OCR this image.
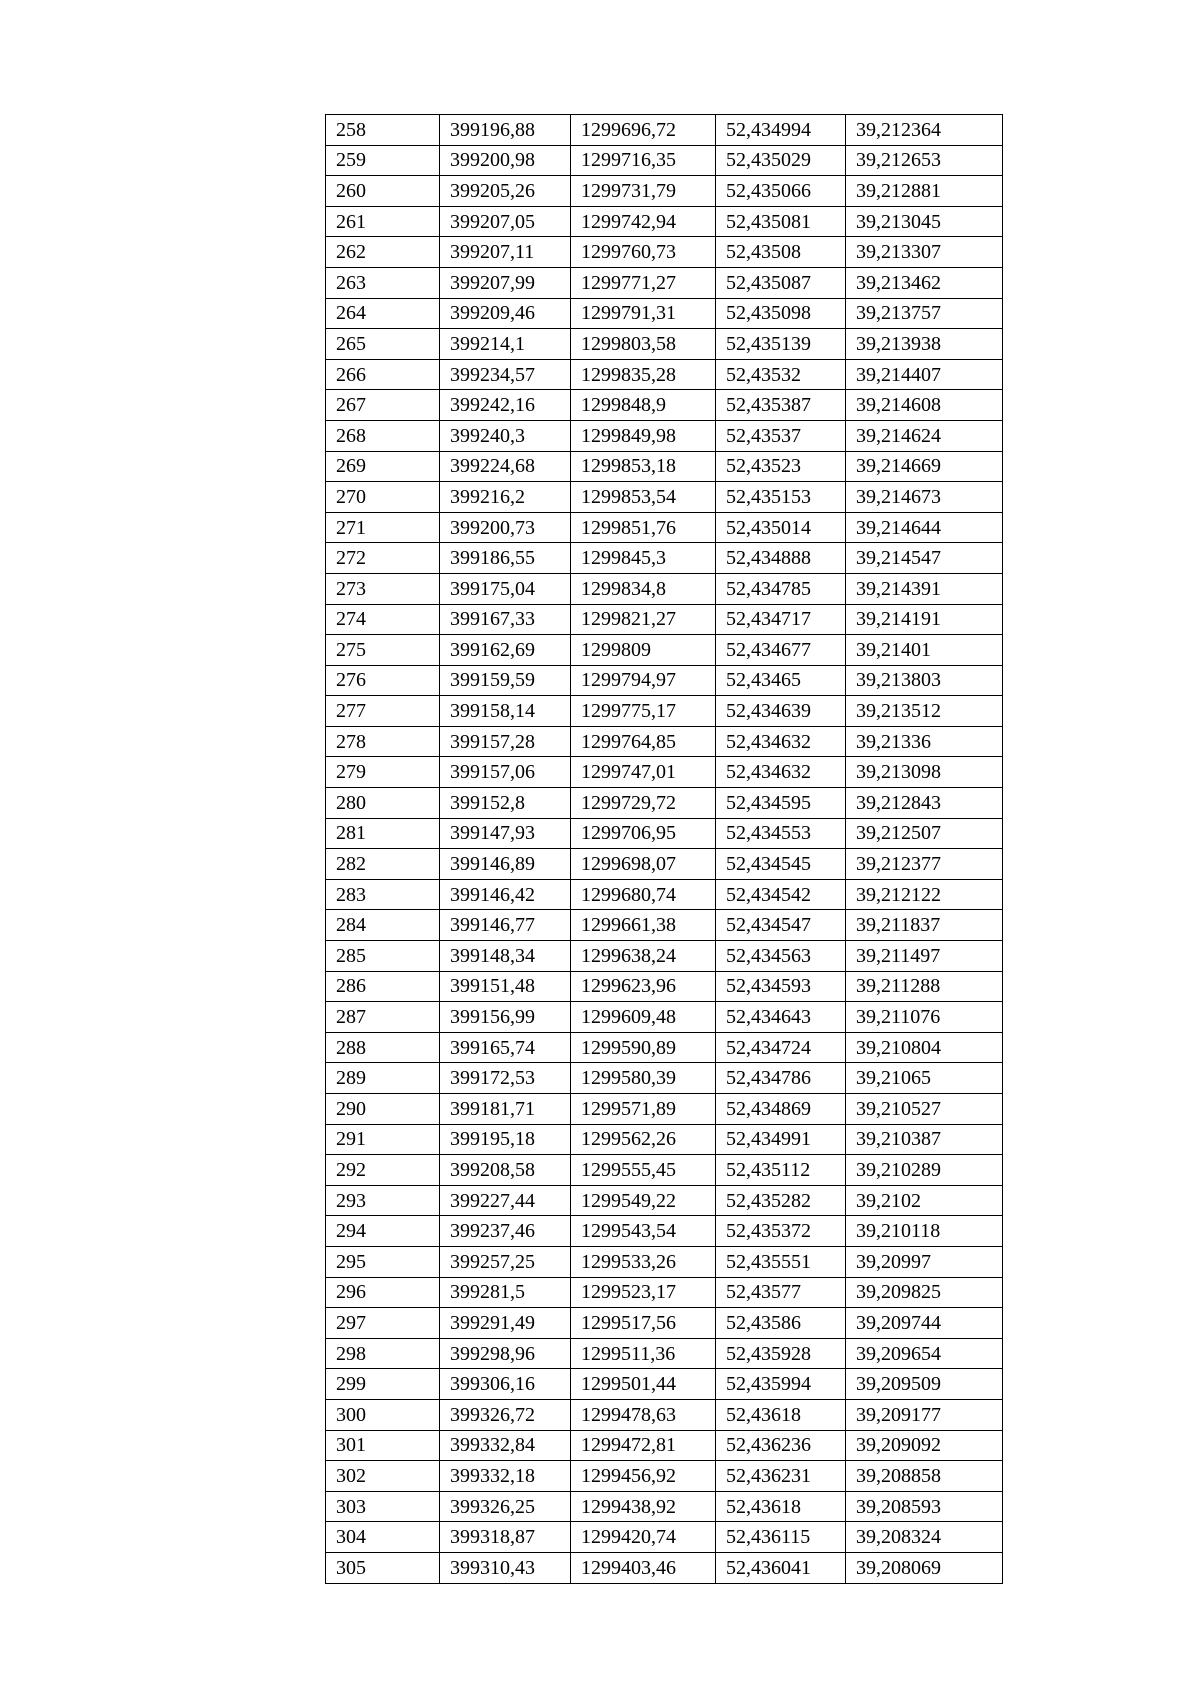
258	399196,88	1299696,72	52,434994	39,212364
259	399200,98	1299716,35	52,435029	39,212653
260	399205,26	1299731,79	52,435066	39,212881
261	399207,05	1299742,94	52,435081	39,213045
262	399207,11	1299760,73	52,43508	39,213307
263	399207,99	1299771,27	52,435087	39,213462
264	399209,46	1299791,31	52,435098	39,213757
265	399214,1	1299803,58	52,435139	39,213938
266	399234,57	1299835,28	52,43532	39,214407
267	399242,16	1299848,9	52,435387	39,214608
268	399240,3	1299849,98	52,43537	39,214624
269	399224,68	1299853,18	52,43523	39,214669
270	399216,2	1299853,54	52,435153	39,214673
271	399200,73	1299851,76	52,435014	39,214644
272	399186,55	1299845,3	52,434888	39,214547
273	399175,04	1299834,8	52,434785	39,214391
274	399167,33	1299821,27	52,434717	39,214191
275	399162,69	1299809	52,434677	39,21401
276	399159,59	1299794,97	52,43465	39,213803
277	399158,14	1299775,17	52,434639	39,213512
278	399157,28	1299764,85	52,434632	39,21336
279	399157,06	1299747,01	52,434632	39,213098
280	399152,8	1299729,72	52,434595	39,212843
281	399147,93	1299706,95	52,434553	39,212507
282	399146,89	1299698,07	52,434545	39,212377
283	399146,42	1299680,74	52,434542	39,212122
284	399146,77	1299661,38	52,434547	39,211837
285	399148,34	1299638,24	52,434563	39,211497
286	399151,48	1299623,96	52,434593	39,211288
287	399156,99	1299609,48	52,434643	39,211076
288	399165,74	1299590,89	52,434724	39,210804
289	399172,53	1299580,39	52,434786	39,21065
290	399181,71	1299571,89	52,434869	39,210527
291	399195,18	1299562,26	52,434991	39,210387
292	399208,58	1299555,45	52,435112	39,210289
293	399227,44	1299549,22	52,435282	39,2102
294	399237,46	1299543,54	52,435372	39,210118
295	399257,25	1299533,26	52,435551	39,20997
296	399281,5	1299523,17	52,43577	39,209825
297	399291,49	1299517,56	52,43586	39,209744
298	399298,96	1299511,36	52,435928	39,209654
299	399306,16	1299501,44	52,435994	39,209509
300	399326,72	1299478,63	52,43618	39,209177
301	399332,84	1299472,81	52,436236	39,209092
302	399332,18	1299456,92	52,436231	39,208858
303	399326,25	1299438,92	52,43618	39,208593
304	399318,87	1299420,74	52,436115	39,208324
305	399310,43	1299403,46	52,436041	39,208069
